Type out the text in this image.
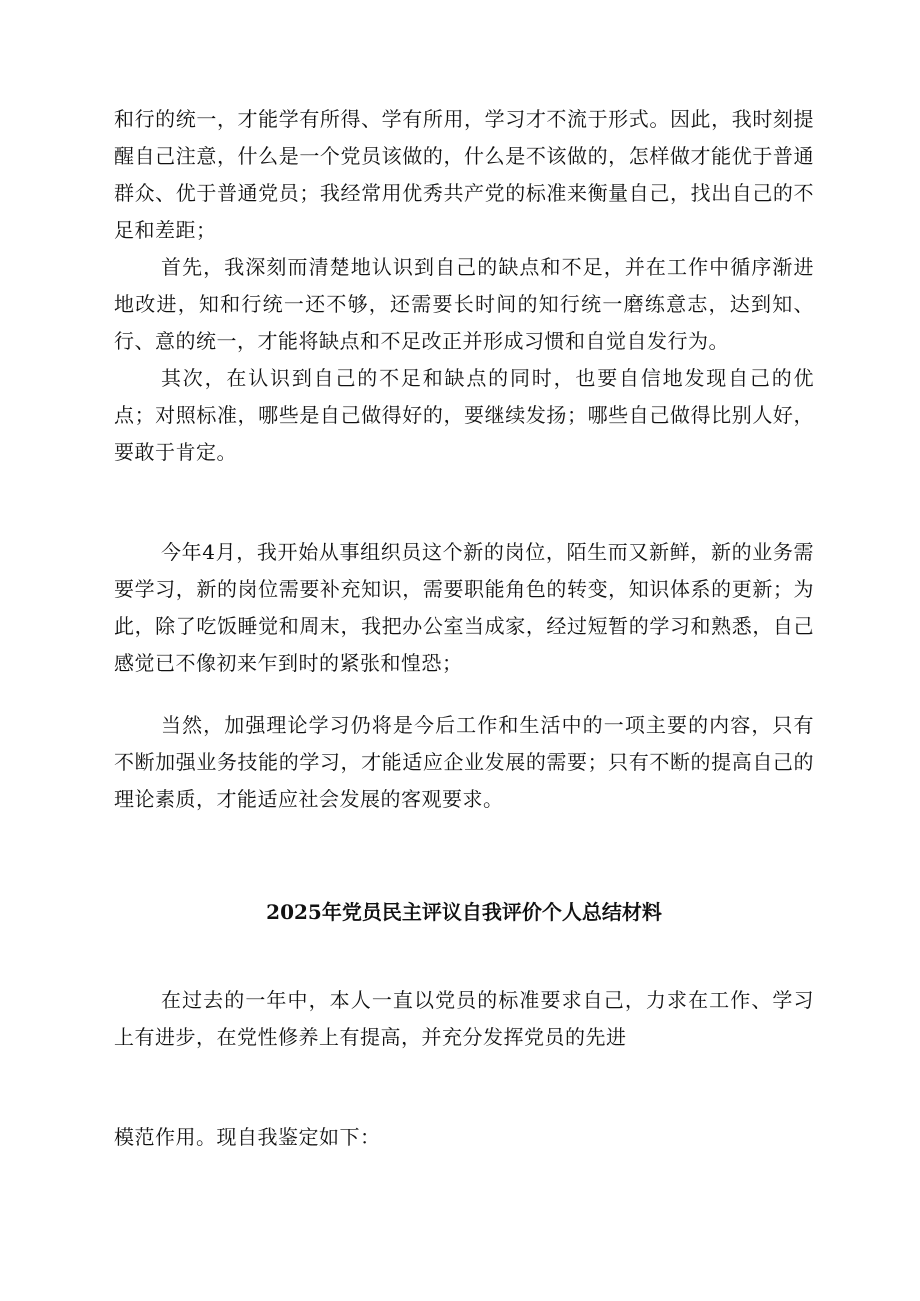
和行的统一，才能学有所得、学有所用，学习才不流于形式。因此，我时刻提醒自己注意，什么是一个党员该做的，什么是不该做的，怎样做才能优于普通群众、优于普通党员；我经常用优秀共产党的标准来衡量自己，找出自己的不足和差距；

首先，我深刻而清楚地认识到自己的缺点和不足，并在工作中循序渐进地改进，知和行统一还不够，还需要长时间的知行统一磨练意志，达到知、行、意的统一，才能将缺点和不足改正并形成习惯和自觉自发行为。

其次，在认识到自己的不足和缺点的同时，也要自信地发现自己的优点；对照标准，哪些是自己做得好的，要继续发扬；哪些自己做得比别人好，要敢于肯定。

今年4月，我开始从事组织员这个新的岗位，陌生而又新鲜，新的业务需要学习，新的岗位需要补充知识，需要职能角色的转变，知识体系的更新；为此，除了吃饭睡觉和周末，我把办公室当成家，经过短暂的学习和熟悉，自己感觉已不像初来乍到时的紧张和惶恐；

当然，加强理论学习仍将是今后工作和生活中的一项主要的内容，只有不断加强业务技能的学习，才能适应企业发展的需要；只有不断的提高自己的理论素质，才能适应社会发展的客观要求。

2025年党员民主评议自我评价个人总结材料

在过去的一年中，本人一直以党员的标准要求自己，力求在工作、学习上有进步，在党性修养上有提高，并充分发挥党员的先进

模范作用。现自我鉴定如下：
